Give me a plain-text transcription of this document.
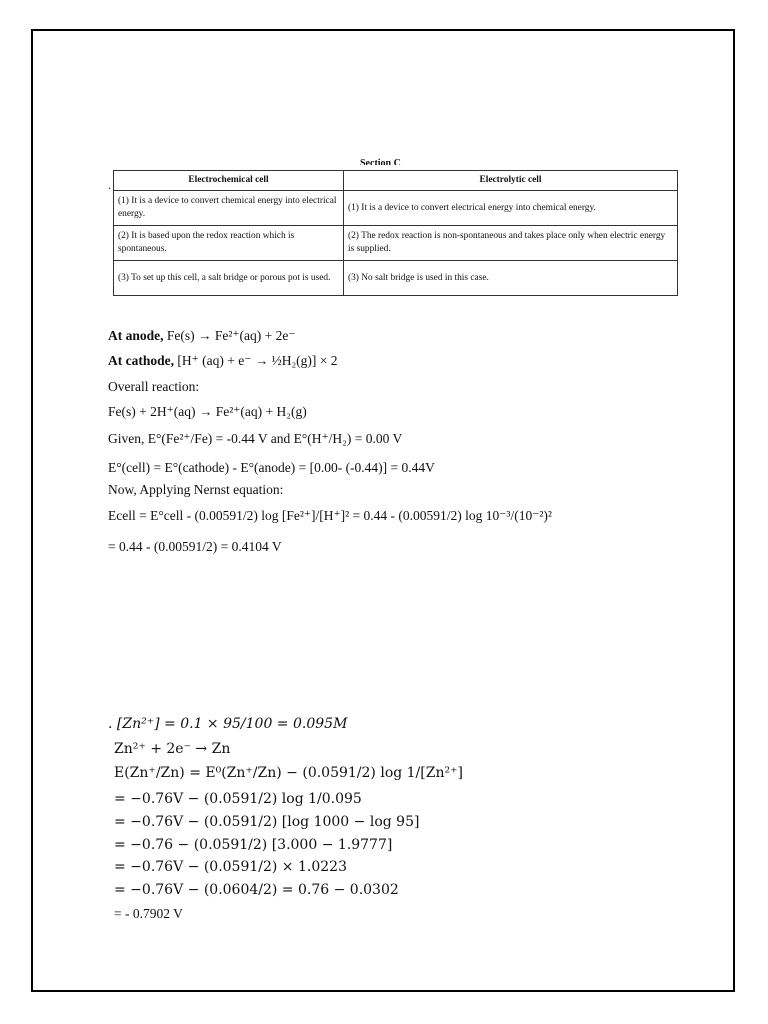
Section C
.	Electrochemical cell	Electrolytic cell
(1) It is a device to convert chemical energy into electrical energy.	(1) It is a device to convert electrical energy into chemical energy.
(2) It is based upon the redox reaction which is spontaneous.	(2) The redox reaction is non-spontaneous and takes place only when electric energy is supplied.
(3) To set up this cell, a salt bridge or porous pot is used.	(3) No salt bridge is used in this case.
At anode, Fe(s) → Fe²⁺(aq) + 2e⁻
At cathode, [H⁺ (aq) + e⁻ → ½H₂(g)] × 2
Overall reaction:
Fe(s) + 2H⁺(aq) → Fe²⁺(aq) + H₂(g)
Given, E°(Fe²⁺/Fe) = -0.44 V and E°(H⁺/H₂) = 0.00 V
E°(cell) = E°(cathode) - E°(anode) = [0.00- (-0.44)] = 0.44V
Now, Applying Nernst equation:
Ecell = E°cell - (0.00591/2) log [Fe²⁺]/[H⁺]² = 0.44 - (0.00591/2) log 10⁻³/(10⁻²)²
= 0.44 - (0.00591/2) = 0.4104 V
. [Zn²⁺] = 0.1 × 95/100 = 0.095M
Zn²⁺ + 2e⁻ → Zn
E(Zn⁺/Zn) = E⁰(Zn⁺/Zn) − (0.0591/2) log 1/[Zn²⁺]
= −0.76V − (0.0591/2) log 1/0.095
= −0.76V − (0.0591/2) [log 1000 − log 95]
= −0.76 − (0.0591/2) [3.000 − 1.9777]
= −0.76V − (0.0591/2) × 1.0223
= −0.76V − (0.0604/2) = 0.76 − 0.0302
= - 0.7902 V
